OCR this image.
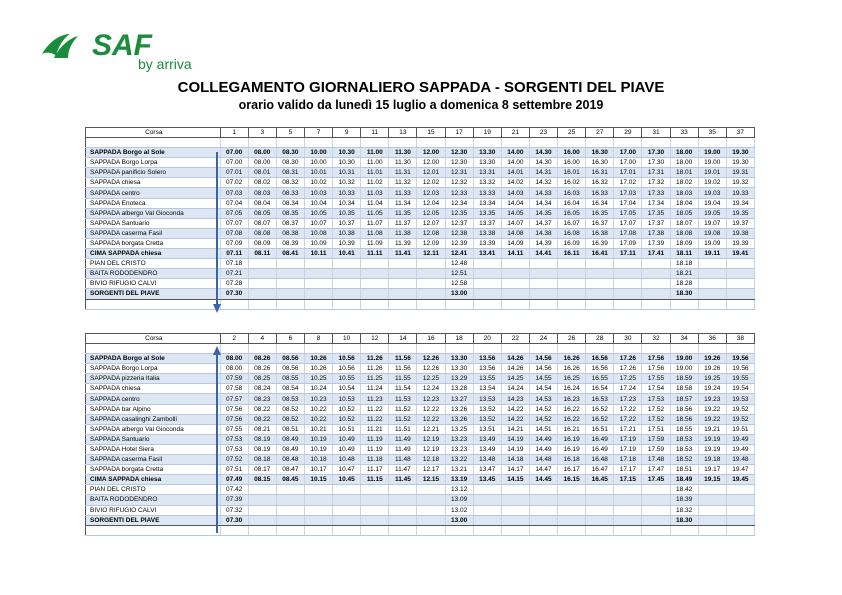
SAF
by arriva
COLLEGAMENTO GIORNALIERO SAPPADA - SORGENTI DEL PIAVE
orario valido da lunedì 15 luglio a domenica 8 settembre 2019
Corsa	1	3	5	7	9	11	13	15	17	19	21	23	25	27	29	31	33	35	37

SAPPADA Borgo al Sole	07.00	08.00	08.30	10.00	10.30	11.00	11.30	12.00	12.30	13.30	14.00	14.30	16.00	16.30	17.00	17.30	18.00	19.00	19.30
SAPPADA Borgo Lorpa	07.00	08.00	08.30	10.00	10.30	11.00	11.30	12.00	12.30	13.30	14.00	14.30	16.00	16.30	17.00	17.30	18.00	19.00	19.30
SAPPADA panificio Solero	07.01	08.01	08.31	10.01	10.31	11.01	11.31	12.01	12.31	13.31	14.01	14.31	16.01	16.31	17.01	17.31	18.01	19.01	19.31
SAPPADA chiesa	07.02	08.02	08.32	10.02	10.32	11.02	11.32	12.02	12.32	13.32	14.02	14.32	16.02	16.32	17.02	17.32	18.02	19.02	19.32
SAPPADA centro	07.03	08.03	08.33	10.03	10.33	11.03	11.33	12.03	12.33	13.33	14.03	14.33	16.03	16.33	17.03	17.33	18.03	19.03	19.33
SAPPADA Enoteca	07.04	08.04	08.34	10.04	10.34	11.04	11.34	12.04	12.34	13.34	14.04	14.34	16.04	16.34	17.04	17.34	18.04	19.04	19.34
SAPPADA albergo Val Gioconda	07.05	08.05	08.35	10.05	10.35	11.05	11.35	12.05	12.35	13.35	14.05	14.35	16.05	16.35	17.05	17.35	18.05	19.05	19.35
SAPPADA Santuario	07.07	08.07	08.37	10.07	10.37	11.07	11.37	12.07	12.37	13.37	14.07	14.37	16.07	16.37	17.07	17.37	18.07	19.07	19.37
SAPPADA caserma Fasil	07.08	08.08	08.38	10.08	10.38	11.08	11.38	12.08	12.38	13.38	14.08	14.38	16.08	16.38	17.08	17.38	18.08	19.08	19.38
SAPPADA borgata Cretta	07.09	08.09	08.39	10.09	10.39	11.09	11.39	12.09	12.39	13.39	14.09	14.39	16.09	16.39	17.09	17.39	18.09	19.09	19.39
CIMA SAPPADA chiesa	07.11	08.11	08.41	10.11	10.41	11.11	11.41	12.11	12.41	13.41	14.11	14.41	16.11	16.41	17.11	17.41	18.11	19.11	19.41
PIAN DEL CRISTO	07.18								12.48								18.18		
BAITA RODODENDRO	07.21								12.51								18.21		
BIVIO RIFUGIO CALVI	07.28								12.58								18.28		
SORGENTI DEL PIAVE	07.30								13.00								18.30		

Corsa	2	4	6	8	10	12	14	16	18	20	22	24	26	28	30	32	34	36	38

SAPPADA Borgo al Sole	08.00	08.26	08.56	10.26	10.56	11.26	11.56	12.26	13.30	13.56	14.26	14.56	16.26	16.56	17.26	17.56	19.00	19.26	19.56
SAPPADA Borgo Lorpa	08.00	08.26	08.56	10.26	10.56	11.26	11.56	12.26	13.30	13.56	14.26	14.56	16.26	16.56	17.26	17.56	19.00	19.26	19.56
SAPPADA pizzeria Italia	07.59	08.25	08.55	10.25	10.55	11.25	11.55	12.25	13.29	13.55	14.25	14.55	16.25	16.55	17.25	17.55	18.59	19.25	19.55
SAPPADA chiesa	07.58	08.24	08.54	10.24	10.54	11.24	11.54	12.24	13.28	13.54	14.24	14.54	16.24	16.54	17.24	17.54	18.58	19.24	19.54
SAPPADA centro	07.57	08.23	08.53	10.23	10.53	11.23	11.53	12.23	13.27	13.53	14.23	14.53	16.23	16.53	17.23	17.53	18.57	19.23	19.53
SAPPADA bar Alpino	07.56	08.22	08.52	10.22	10.52	11.22	11.52	12.22	13.26	13.52	14.22	14.52	16.22	16.52	17.22	17.52	18.56	19.22	19.52
SAPPADA casalinghi Zambolli	07.56	08.22	08.52	10.22	10.52	11.22	11.52	12.22	13.26	13.52	14.22	14.52	16.22	16.52	17.22	17.52	18.56	19.22	19.52
SAPPADA albergo Val Gioconda	07.55	08.21	08.51	10.21	10.51	11.21	11.51	12.21	13.25	13.51	14.21	14.51	16.21	16.51	17.21	17.51	18.55	19.21	19.51
SAPPADA Santuario	07.53	08.19	08.49	10.19	10.49	11.19	11.49	12.19	13.23	13.49	14.19	14.49	16.19	16.49	17.19	17.59	18.53	19.19	19.49
SAPPADA Hotel Siera	07.53	08.19	08.49	10.19	10.49	11.19	11.49	12.19	13.23	13.49	14.19	14.49	16.19	16.49	17.19	17.59	18.53	19.19	19.49
SAPPADA caserma Fasil	07.52	08.18	08.48	10.18	10.48	11.18	11.48	12.18	13.22	13.48	14.18	14.48	16.18	16.48	17.18	17.48	18.52	19.18	19.48
SAPPADA borgata Cretta	07.51	08.17	08.47	10.17	10.47	11.17	11.47	12.17	13.21	13.47	14.17	14.47	16.17	16.47	17.17	17.47	18.51	19.17	19.47
CIMA SAPPADA chiesa	07.49	08.15	08.45	10.15	10.45	11.15	11.45	12.15	13.19	13.45	14.15	14.45	16.15	16.45	17.15	17.45	18.49	19.15	19.45
PIAN DEL CRISTO	07.42								13.12								18.42		
BAITA RODODENDRO	07.39								13.09								18.39		
BIVIO RIFUGIO CALVI	07.32								13.02								18.32		
SORGENTI DEL PIAVE	07.30								13.00								18.30		
